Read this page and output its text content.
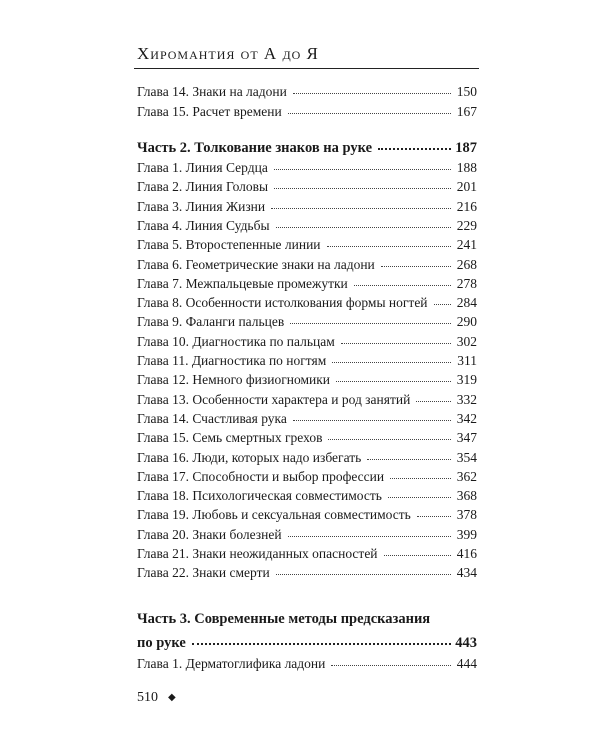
Хиромантия от А до Я
Глава 14. Знаки на ладони	150
Глава 15. Расчет времени	167
Часть 2. Толкование знаков на руке	187
Глава 1. Линия Сердца	188
Глава 2. Линия Головы	201
Глава 3. Линия Жизни	216
Глава 4. Линия Судьбы	229
Глава 5. Второстепенные линии	241
Глава 6. Геометрические знаки на ладони	268
Глава 7. Межпальцевые промежутки	278
Глава 8. Особенности истолкования формы ногтей 284
Глава 9. Фаланги пальцев	290
Глава 10. Диагностика по пальцам	302
Глава 11. Диагностика по ногтям	311
Глава 12. Немного физиогномики	319
Глава 13. Особенности характера и род занятий	332
Глава 14. Счастливая рука	342
Глава 15. Семь смертных грехов	347
Глава 16. Люди, которых надо избегать	354
Глава 17. Способности и выбор профессии	362
Глава 18. Психологическая совместимость	368
Глава 19. Любовь и сексуальная совместимость	378
Глава 20. Знаки болезней	399
Глава 21. Знаки неожиданных опасностей	416
Глава 22. Знаки смерти	434
Часть 3. Современные методы предсказания
по руке	443
Глава 1. Дерматоглифика ладони	444
510 ◆
